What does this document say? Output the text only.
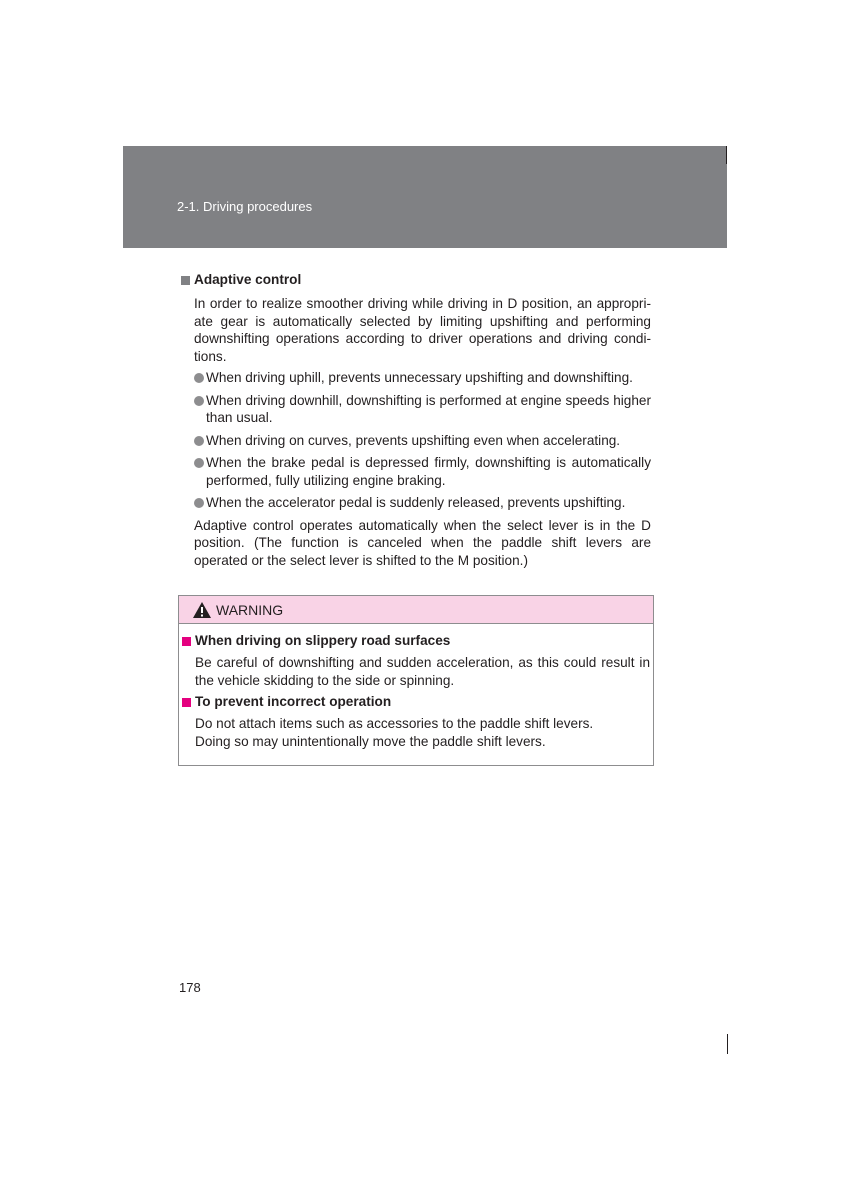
2-1. Driving procedures
Adaptive control
In order to realize smoother driving while driving in D position, an appropri-ate gear is automatically selected by limiting upshifting and performing downshifting operations according to driver operations and driving condi-tions.
When driving uphill, prevents unnecessary upshifting and downshifting.
When driving downhill, downshifting is performed at engine speeds higher than usual.
When driving on curves, prevents upshifting even when accelerating.
When the brake pedal is depressed firmly, downshifting is automatically performed, fully utilizing engine braking.
When the accelerator pedal is suddenly released, prevents upshifting.
Adaptive control operates automatically when the select lever is in the D position. (The function is canceled when the paddle shift levers are operated or the select lever is shifted to the M position.)
WARNING
When driving on slippery road surfaces
Be careful of downshifting and sudden acceleration, as this could result in the vehicle skidding to the side or spinning.
To prevent incorrect operation
Do not attach items such as accessories to the paddle shift levers.
Doing so may unintentionally move the paddle shift levers.
178
